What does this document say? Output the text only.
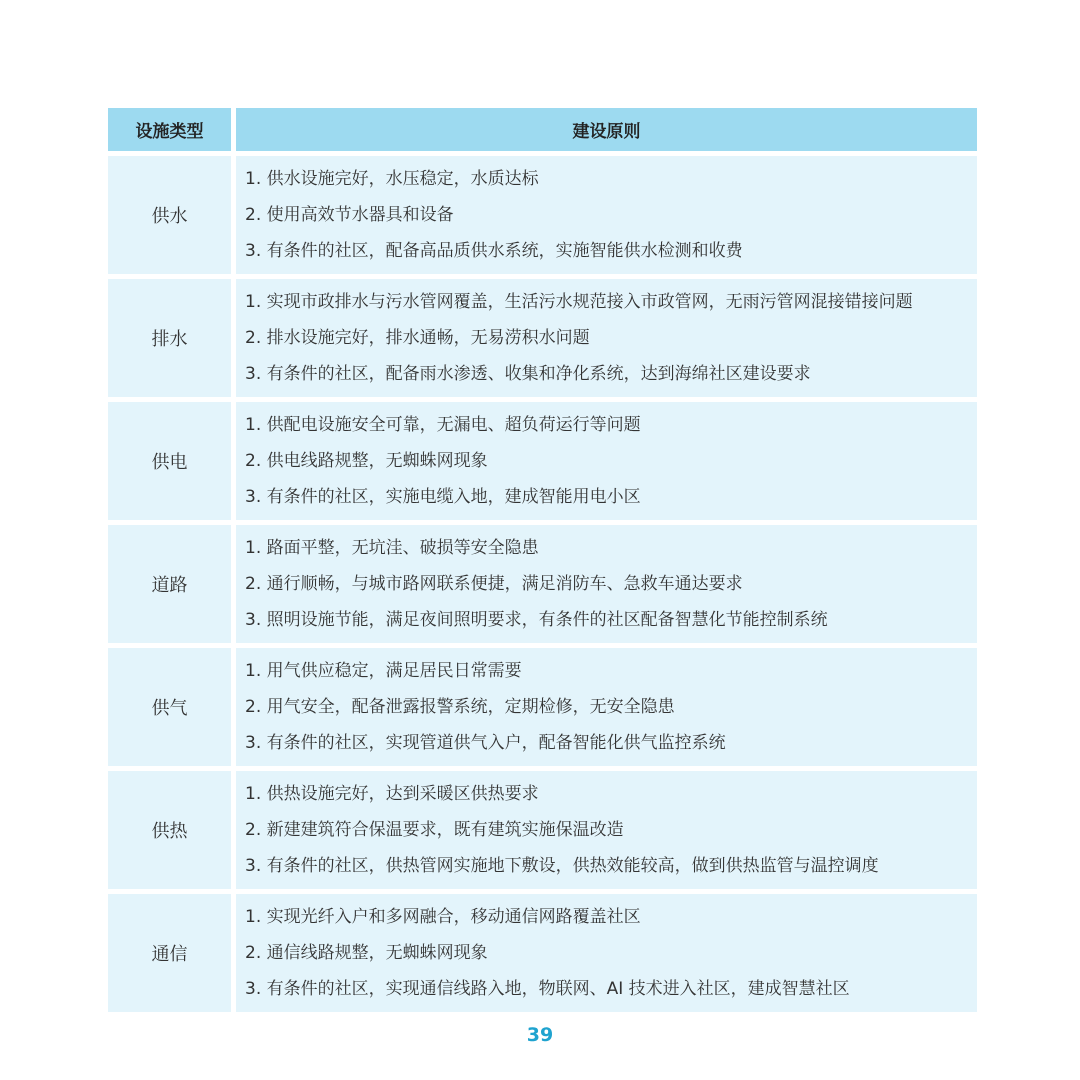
设施类型	建设原则
供水
1. 供水设施完好，水压稳定，水质达标
2. 使用高效节水器具和设备
3. 有条件的社区，配备高品质供水系统，实施智能供水检测和收费
排水
1. 实现市政排水与污水管网覆盖，生活污水规范接入市政管网，无雨污管网混接错接问题
2. 排水设施完好，排水通畅，无易涝积水问题
3. 有条件的社区，配备雨水渗透、收集和净化系统，达到海绵社区建设要求
供电
1. 供配电设施安全可靠，无漏电、超负荷运行等问题
2. 供电线路规整，无蜘蛛网现象
3. 有条件的社区，实施电缆入地，建成智能用电小区
道路
1. 路面平整，无坑洼、破损等安全隐患
2. 通行顺畅，与城市路网联系便捷，满足消防车、急救车通达要求
3. 照明设施节能，满足夜间照明要求，有条件的社区配备智慧化节能控制系统
供气
1. 用气供应稳定，满足居民日常需要
2. 用气安全，配备泄露报警系统，定期检修，无安全隐患
3. 有条件的社区，实现管道供气入户，配备智能化供气监控系统
供热
1. 供热设施完好，达到采暖区供热要求
2. 新建建筑符合保温要求，既有建筑实施保温改造
3. 有条件的社区，供热管网实施地下敷设，供热效能较高，做到供热监管与温控调度
通信
1. 实现光纤入户和多网融合，移动通信网路覆盖社区
2. 通信线路规整，无蜘蛛网现象
3. 有条件的社区，实现通信线路入地，物联网、AI 技术进入社区，建成智慧社区
39
